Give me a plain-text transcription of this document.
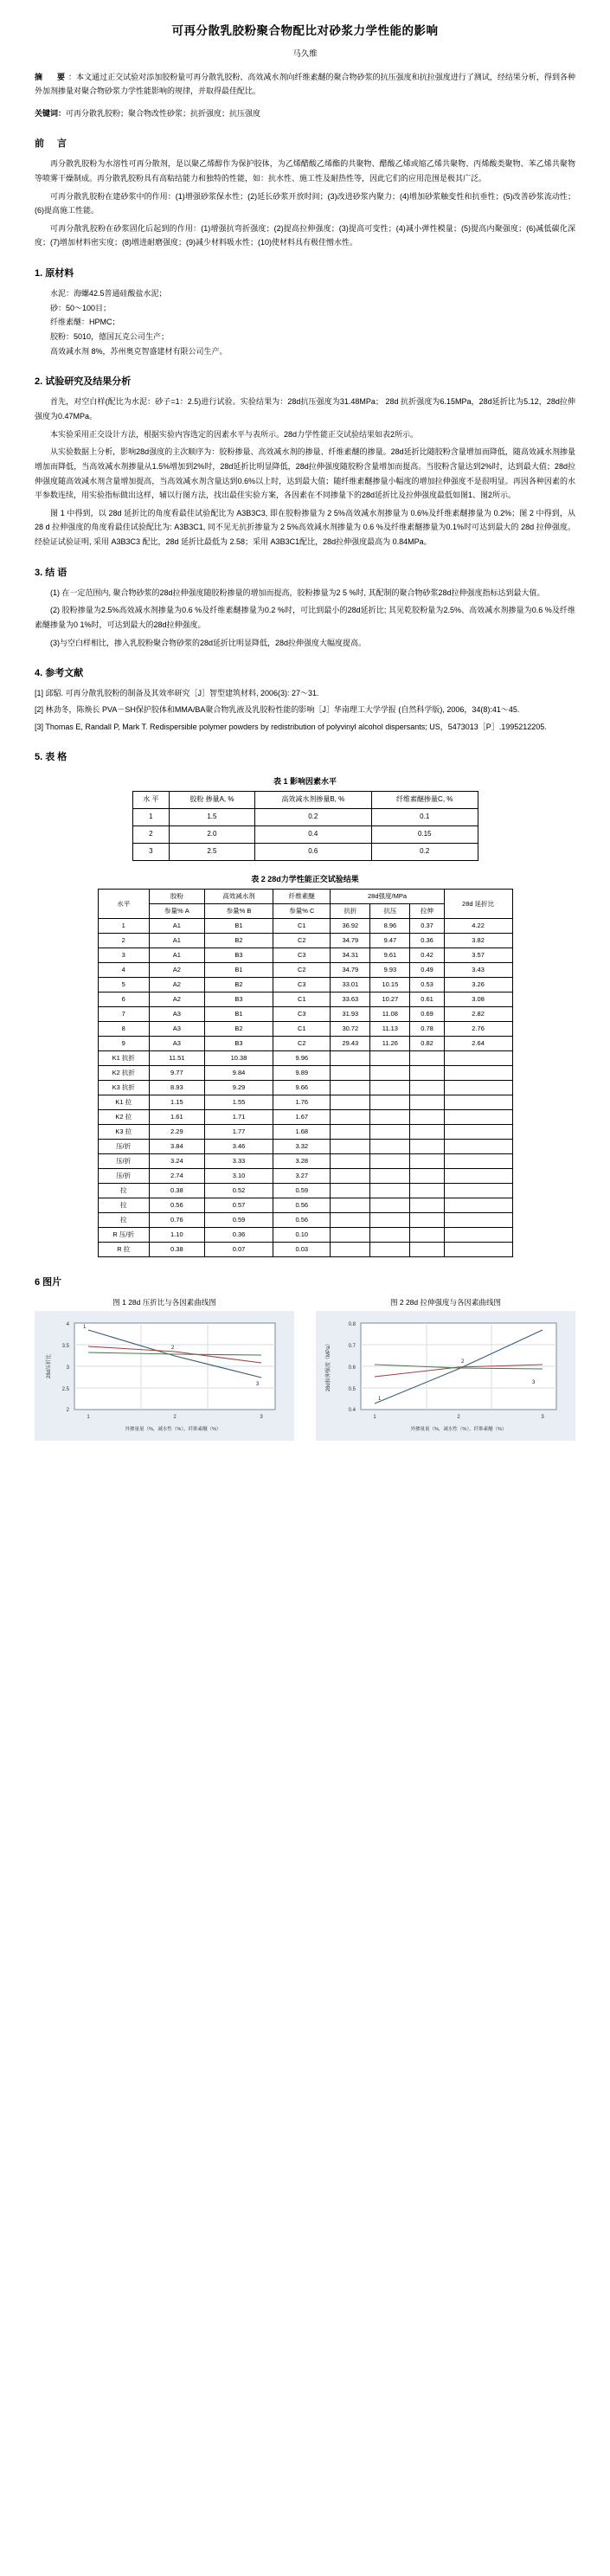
可再分散乳胶粉聚合物配比对砂浆力学性能的影响
马久维
摘　要：本文通过正交试验对添加胶粉量可再分散乳胶粉、高效减水剂向纤维素醚的聚合物砂浆的抗压强度和抗拉强度进行了测试，经结果分析，得到各种外加剂掺量对聚合物砂浆力学性能影响的规律，并取得最佳配比。
关键词：可再分散乳胶粉；聚合物改性砂浆；抗折强度；抗压强度
前　言

再分散乳胶粉为水溶性可再分散剂，是以聚乙烯醇作为保护胶体，为乙烯醋酸乙烯酯的共聚物、醋酸乙烯或缩乙烯共聚物、丙烯酸类聚物、苯乙烯共聚物等喷雾干燥制成。再分散乳胶粉具有高粘结能力和独特的性能，如：抗水性、施工性及耐热性等，因此它们的应用范围是极其广泛。

可再分散乳胶粉在建砂浆中的作用：(1)增强砂浆保水性；(2)延长砂浆开放时间；(3)改进砂浆内聚力；(4)增加砂浆触变性和抗垂性；(5)改善砂浆流动性；(6)提高施工性能。

可再分散乳胶粉在砂浆固化后起到的作用：(1)增强抗弯折强度；(2)提高拉伸强度；(3)提高可变性；(4)减小弹性模量；(5)提高内聚强度；(6)减低碳化深度；(7)增加材料密实度；(8)增进耐磨强度；(9)减少材料吸水性；(10)使材料具有极佳憎水性。

1. 原材料

水泥：海螺42.5普通硅酸盐水泥；

砂：50～100目；

纤维素醚：HPMC；

胶粉：5010，德国瓦克公司生产；

高效减水剂 8%，苏州奥克智盛建材有限公司生产。

2. 试验研究及结果分析

首先，对空白样(配比为水泥：砂子=1：2.5)进行试验。实验结果为：28d抗压强度为31.48MPa； 28d 抗折强度为6.15MPa，28d延折比为5.12，28d拉伸强度为0.47MPa。

本实验采用正交设计方法，根据实验内容选定的因素水平与表所示。28d力学性能正交试验结果如表2所示。

从实验数据上分析，影响28d强度的主次顺序为：胶粉掺量、高效减水剂的掺量、纤维素醚的掺量。28d延折比随胶粉含量增加而降低，随高效减水剂掺量增加而降低，当高效减水剂掺量从1.5%增加到2%时，28d延折比明显降低，28d拉伸强度随胶粉含量增加而提高。当胶粉含量达到2%时，达到最大值；28d拉伸强度随高效减水剂含量增加提高，当高效减水剂含量达到0.6%以上时，达到最大值；随纤维素醚掺量小幅度的增加拉伸强度不是很明显。再因各种因素的水平参数连续，用实验指标做出这样，辅以行图方法，找出最佳实验方案，各因素在不同掺量下的28d延折比及拉伸强度最低如图1、图2所示。

图 1 中得到，以 28d 延折比的角度看最佳试验配比为 A3B3C3, 即在胶粉掺量为 2 5%高效减水剂掺量为 0.6%及纤维素醚掺量为 0.2%；图 2 中得到，从 28 d 拉伸强度的角度看最佳试验配比为: A3B3C1, 同不见无抗折掺量为 2 5%高效减水剂掺量为 0.6 %及纤维素醚掺量为0.1%时可达到最大的 28d 拉伸强度。经验证试验证明, 采用 A3B3C3 配比，28d 延折比最低为 2.58；采用 A3B3C1配比，28d拉伸强度最高为 0.84MPa。

3. 结 语

(1) 在一定范围内, 聚合物砂浆的28d拉伸强度随胶粉掺量的增加而提高，胶粉掺量为2 5 %时, 其配制的聚合物砂浆28d拉伸强度指标达到最大值。

(2) 胶粉掺量为2.5%高效减水剂掺量为0.6 %及纤维素醚掺量为0.2 %时，可比到最小的28d延折比; 其见乾胶粉量为2.5%、高效减水剂掺量为0.6 %及纤维素醚掺量为0 1%时，可达到最大的28d拉伸强度。

(3)与空白样相比，掺入乳胶粉聚合物砂浆的28d延折比明显降低，28d拉伸强度大幅度提高。

4. 参考文献

[1] 邱駋. 可再分散乳胶粉的制备及其效率研究［J］智型建筑材料, 2006(3): 27～31.

[2] 林劲冬，陈焕长 PVA－SH保护胶体和MMA/BA聚合物乳液及乳胶粉性能的影响［J］华南理工大学学报 (自然科学版), 2006，34(8):41～45.

[3] Thomas E, Randall P, Mark T. Redispersible polymer powders by redistribution of polyvinyl alcohol dispersants; US，5473013［P］.1995212205.

5. 表 格
表 1 影响因素水平
水 平	胶粉 掺量A, %	高效减水剂掺量B, %	纤维素醚掺量C, %
1	1.5	0.2	0.1
2	2.0	0.4	0.15
3	2.5	0.6	0.2
表 2 28d力学性能正交试验结果
水平	胶粉	高效减水剂	纤维素醚	28d强度/MPa			28d 延折比
	参量% A	参量% B	参量% C	抗折	抗压	拉伸	
1	A1	B1	C1	36.92	8.96	0.37	4.22
2	A1	B2	C2	34.79	9.47	0.36	3.82
3	A1	B3	C3	34.31	9.61	0.42	3.57
4	A2	B1	C2	34.79	9.93	0.49	3.43
5	A2	B2	C3	33.01	10.15	0.53	3.26
6	A2	B3	C1	33.63	10.27	0.61	3.08
7	A3	B1	C3	31.93	11.08	0.69	2.82
8	A3	B2	C1	30.72	11.13	0.78	2.76
9	A3	B3	C2	29.43	11.26	0.82	2.64
K1 抗折	11.51	10.38	9.96				
K2 抗折	9.77	9.84	9.89				
K3 抗折	8.93	9.29	9.66				
K1 拉	1.15	1.55	1.76				
K2 拉	1.61	1.71	1.67				
K3 拉	2.29	1.77	1.68				
压/折	3.84	3.46	3.32				
压/折	3.24	3.33	3.28				
压/折	2.74	3.10	3.27				
拉	0.38	0.52	0.59				
拉	0.56	0.57	0.56				
拉	0.76	0.59	0.56				
R 压/折	1.10	0.36	0.10				
R 拉	0.38	0.07	0.03				
6 图片
图 1 28d 压折比与各因素曲线图
1
2
3
4
3.5
3
2.5
2
1	2	3
28d压折比
外掺量量（%，减水性（%），纤维素醚（%）
图 2 28d 拉伸强度与各因素曲线图
1
2
3
0.8
0.7
0.6
0.5
0.4
1	2	3
28d拉伸强度（MPa）
外掺量量（%，减水性（%），纤维素醚（%）
